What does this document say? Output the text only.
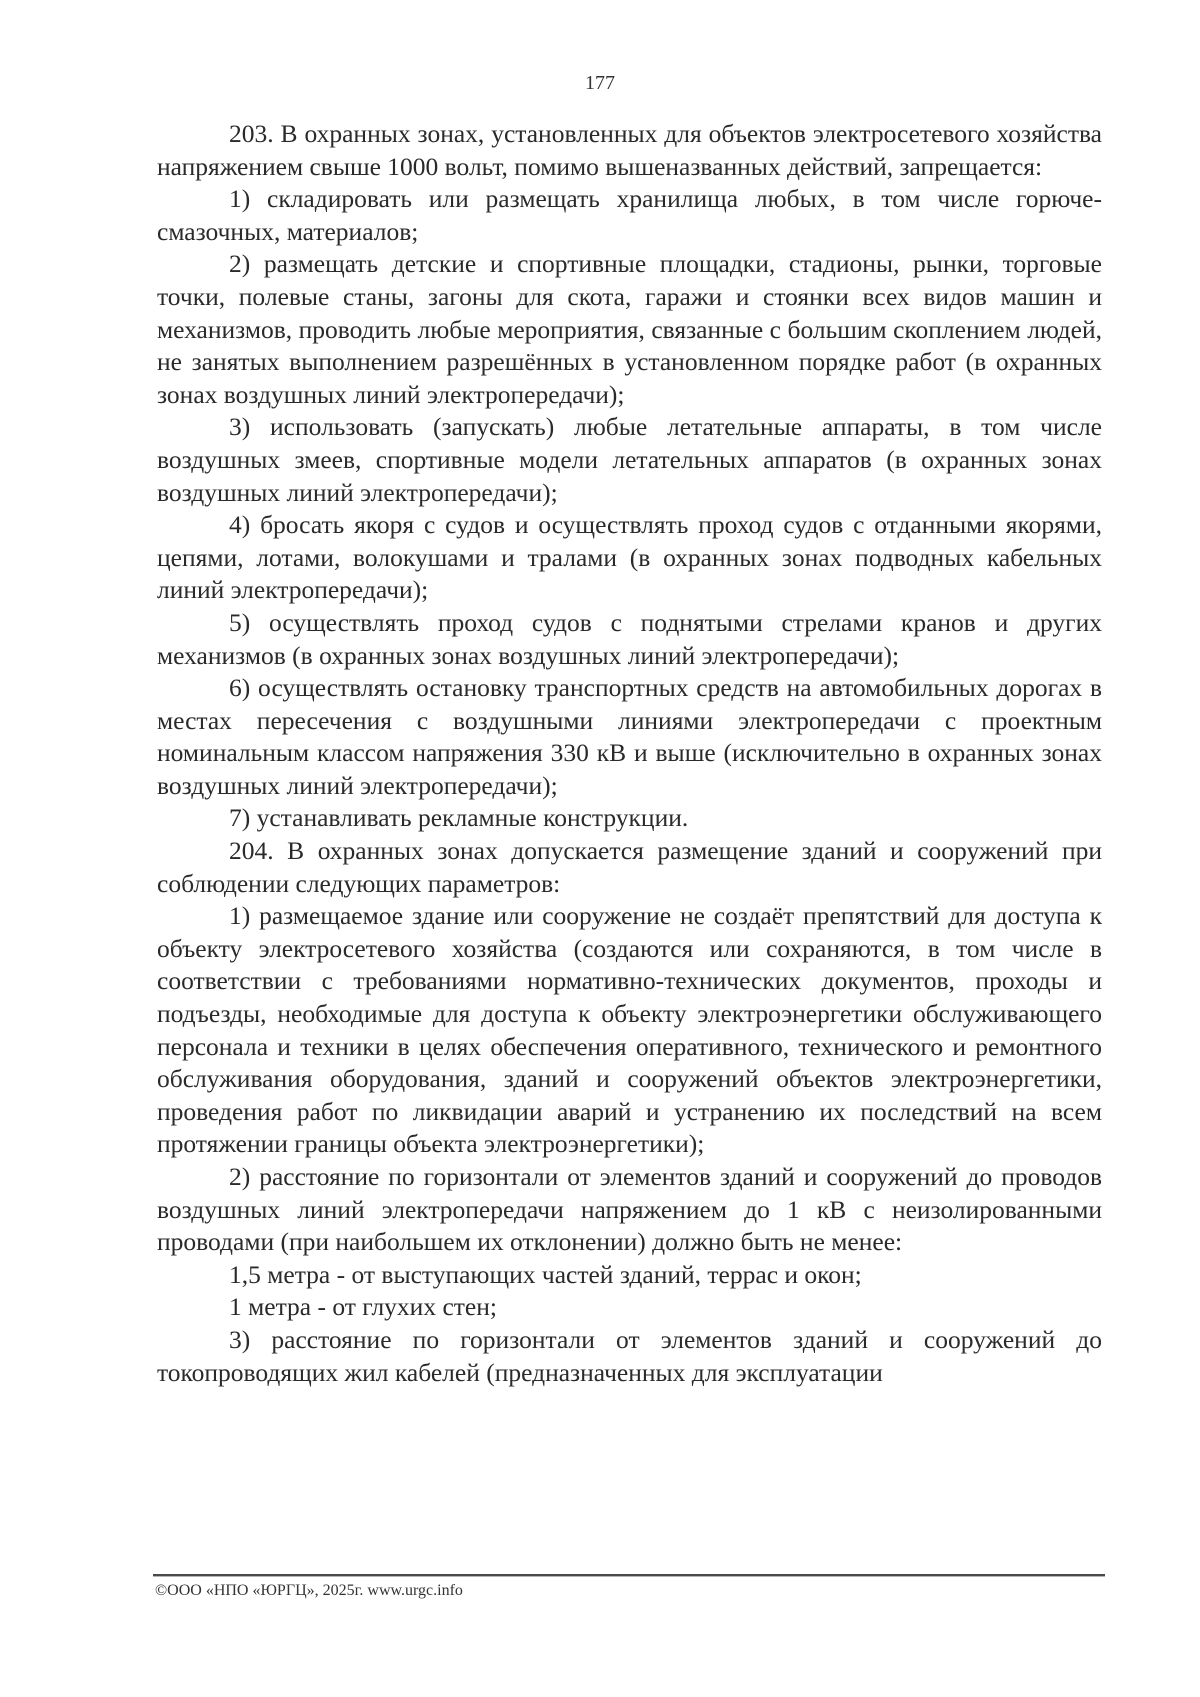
177

203. В охранных зонах, установленных для объектов электросетевого хозяйства напряжением свыше 1000 вольт, помимо вышеназванных действий, запрещается:

1) складировать или размещать хранилища любых, в том числе горюче-смазочных, материалов;

2) размещать детские и спортивные площадки, стадионы, рынки, торговые точки, полевые станы, загоны для скота, гаражи и стоянки всех видов машин и механизмов, проводить любые мероприятия, связанные с большим скоплением людей, не занятых выполнением разрешённых в установленном порядке работ (в охранных зонах воздушных линий электропередачи);

3) использовать (запускать) любые летательные аппараты, в том числе воздушных змеев, спортивные модели летательных аппаратов (в охранных зонах воздушных линий электропередачи);

4) бросать якоря с судов и осуществлять проход судов с отданными якорями, цепями, лотами, волокушами и тралами (в охранных зонах подводных кабельных линий электропередачи);

5) осуществлять проход судов с поднятыми стрелами кранов и других механизмов (в охранных зонах воздушных линий электропередачи);

6) осуществлять остановку транспортных средств на автомобильных дорогах в местах пересечения с воздушными линиями электропередачи с проектным номинальным классом напряжения 330 кВ и выше (исключительно в охранных зонах воздушных линий электропередачи);

7) устанавливать рекламные конструкции.

204. В охранных зонах допускается размещение зданий и сооружений при соблюдении следующих параметров:

1) размещаемое здание или сооружение не создаёт препятствий для доступа к объекту электросетевого хозяйства (создаются или сохраняются, в том числе в соответствии с требованиями нормативно-технических документов, проходы и подъезды, необходимые для доступа к объекту электроэнергетики обслуживающего персонала и техники в целях обеспечения оперативного, технического и ремонтного обслуживания оборудования, зданий и сооружений объектов электроэнергетики, проведения работ по ликвидации аварий и устранению их последствий на всем протяжении границы объекта электроэнергетики);

2) расстояние по горизонтали от элементов зданий и сооружений до проводов воздушных линий электропередачи напряжением до 1 кВ с неизолированными проводами (при наибольшем их отклонении) должно быть не менее:

1,5 метра - от выступающих частей зданий, террас и окон;

1 метра - от глухих стен;

3) расстояние по горизонтали от элементов зданий и сооружений до токопроводящих жил кабелей (предназначенных для эксплуатации

©ООО «НПО «ЮРГЦ», 2025г. www.urgc.info
